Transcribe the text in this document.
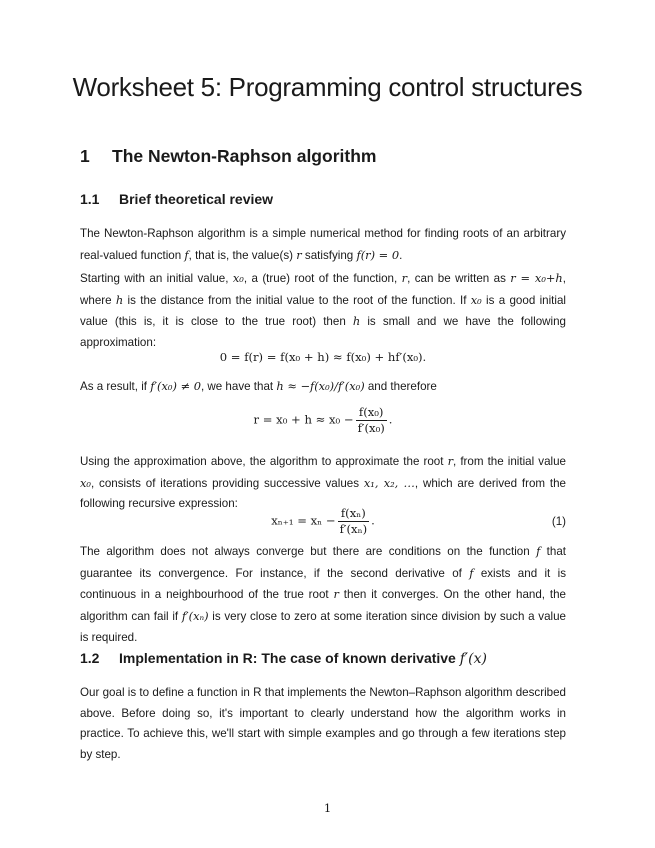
Worksheet 5: Programming control structures
1 The Newton-Raphson algorithm
1.1 Brief theoretical review

The Newton-Raphson algorithm is a simple numerical method for finding roots of an arbitrary real-valued function f, that is, the value(s) r satisfying f(r) = 0.

Starting with an initial value, x₀, a (true) root of the function, r, can be written as r = x₀+h, where h is the distance from the initial value to the root of the function. If x₀ is a good initial value (this is, it is close to the true root) then h is small and we have the following approximation:

0 = f(r) = f(x₀ + h) ≈ f(x₀) + hf′(x₀).

As a result, if f′(x₀) ≠ 0, we have that h ≈ −f(x₀)/f′(x₀) and therefore

$r = x_0 + h \approx x_0 - \frac{\text{f(x₀)}}{\text{f′(x₀)}}$ .

Using the approximation above, the algorithm to approximate the root r, from the initial value x₀, consists of iterations providing successive values x₁, x₂, …, which are derived from the following recursive expression:

$x_{n+1} = x_n - \frac{\text{f(xₙ)}}{\text{f′(xₙ)}}$ .	(1)

The algorithm does not always converge but there are conditions on the function f that guarantee its convergence. For instance, if the second derivative of f exists and it is continuous in a neighbourhood of the true root r then it converges. On the other hand, the algorithm can fail if f′(xₙ) is very close to zero at some iteration since division by such a value is required.

1.2 Implementation in R: The case of known derivative f′(x)

Our goal is to define a function in R that implements the Newton–Raphson algorithm described above. Before doing so, it's important to clearly understand how the algorithm works in practice. To achieve this, we'll start with simple examples and go through a few iterations step by step.

1
